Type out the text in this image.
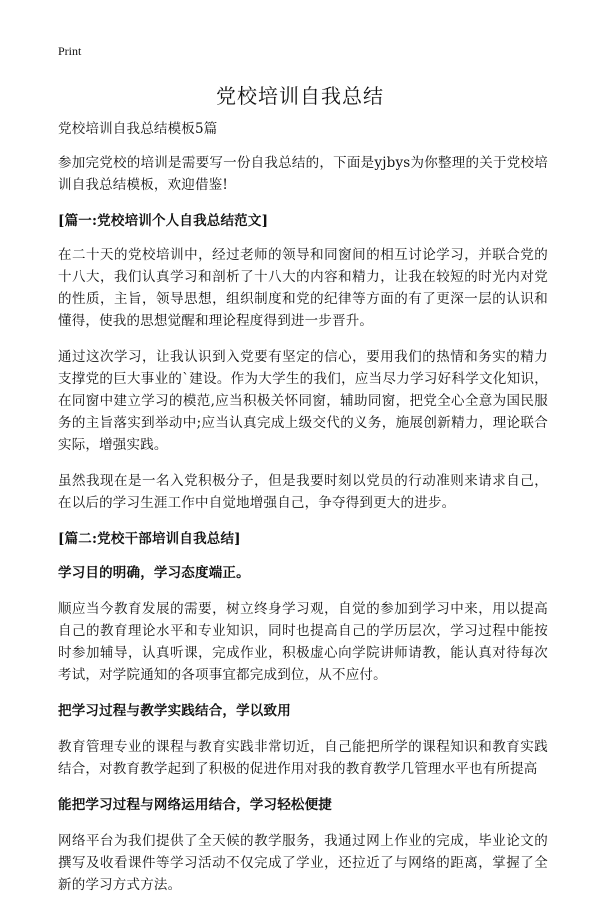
Print
党校培训自我总结

党校培训自我总结模板5篇

参加完党校的培训是需要写一份自我总结的，下面是yjbys为你整理的关于党校培训自我总结模板，欢迎借鉴!

[篇一:党校培训个人自我总结范文]

在二十天的党校培训中，经过老师的领导和同窗间的相互讨论学习，并联合党的十八大，我们认真学习和剖析了十八大的内容和精力，让我在较短的时光内对党的性质，主旨，领导思想，组织制度和党的纪律等方面的有了更深一层的认识和懂得，使我的思想觉醒和理论程度得到进一步晋升。

通过这次学习，让我认识到入党要有坚定的信心，要用我们的热情和务实的精力支撑党的巨大事业的`建设。作为大学生的我们，应当尽力学习好科学文化知识，在同窗中建立学习的模范,应当积极关怀同窗，辅助同窗，把党全心全意为国民服务的主旨落实到举动中;应当认真完成上级交代的义务，施展创新精力，理论联合实际，增强实践。

虽然我现在是一名入党积极分子，但是我要时刻以党员的行动准则来请求自己，在以后的学习生涯工作中自觉地增强自己，争夺得到更大的进步。

[篇二:党校干部培训自我总结]

学习目的明确，学习态度端正。

顺应当今教育发展的需要，树立终身学习观，自觉的参加到学习中来，用以提高自己的教育理论水平和专业知识，同时也提高自己的学历层次，学习过程中能按时参加辅导，认真听课，完成作业，积极虚心向学院讲师请教，能认真对待每次考试，对学院通知的各项事宜都完成到位，从不应付。

把学习过程与教学实践结合，学以致用

教育管理专业的课程与教育实践非常切近，自己能把所学的课程知识和教育实践结合，对教育教学起到了积极的促进作用对我的教育教学几管理水平也有所提高

能把学习过程与网络运用结合，学习轻松便捷

网络平台为我们提供了全天候的教学服务，我通过网上作业的完成，毕业论文的撰写及收看课件等学习活动不仅完成了学业，还拉近了与网络的距离，掌握了全新的学习方式方法。
